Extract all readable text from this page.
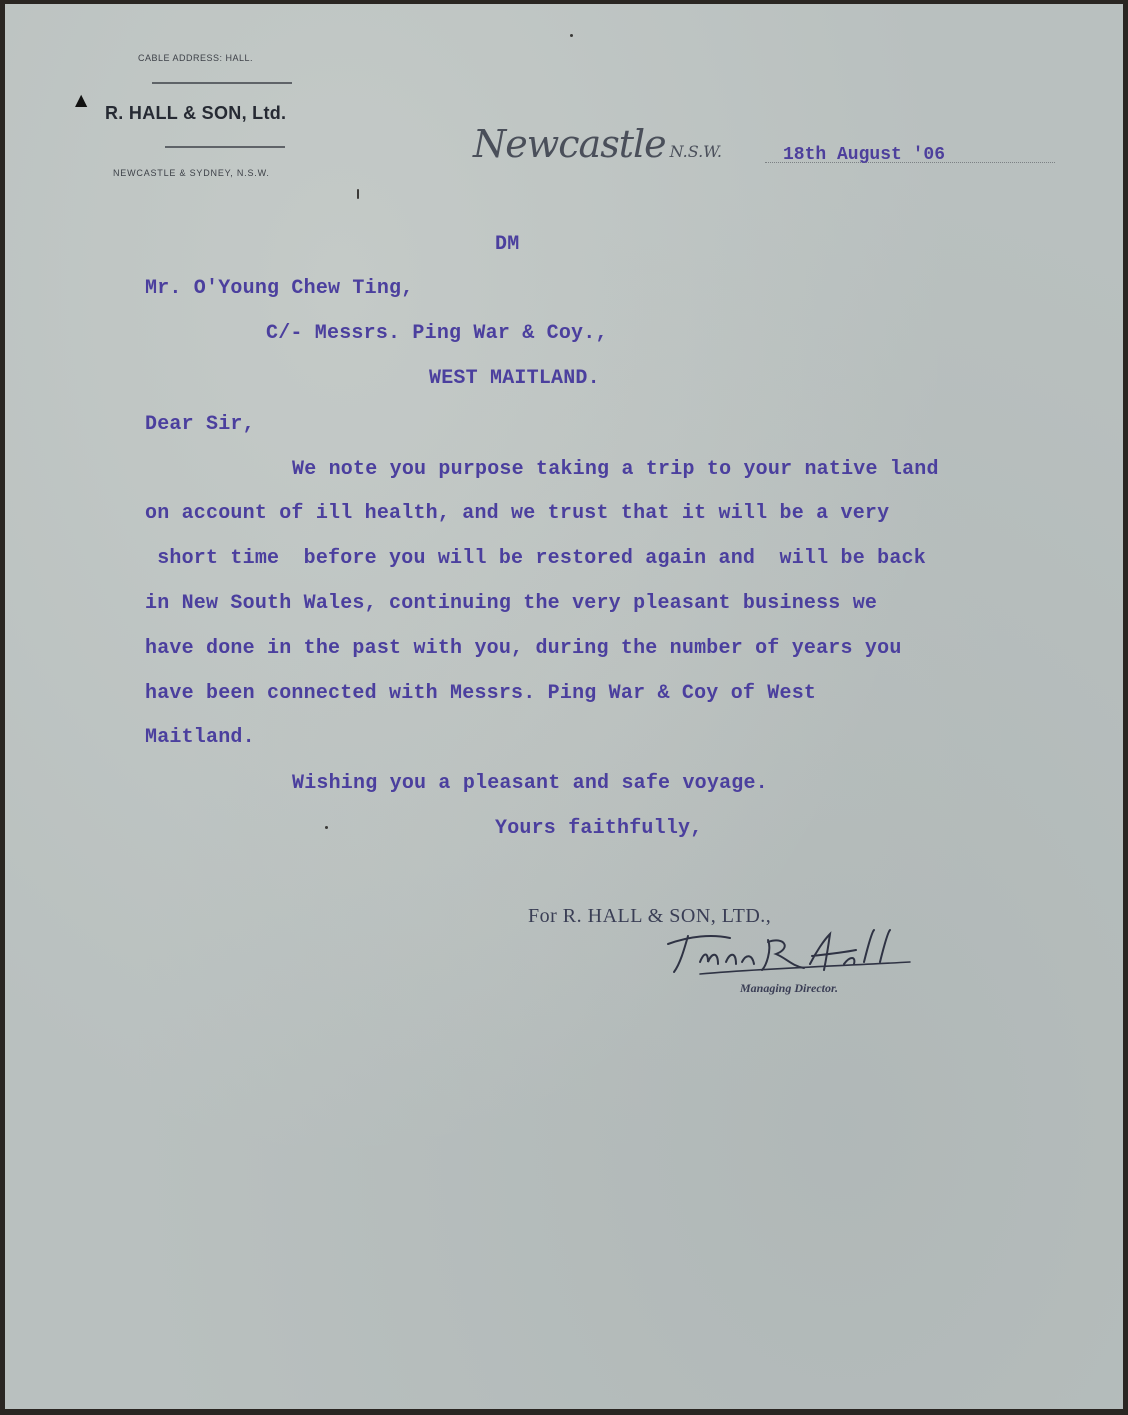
CABLE ADDRESS: HALL.
▲
R. HALL & SON, Ltd.
NEWCASTLE & SYDNEY, N.S.W.
Newcastle N.S.W.	18th August '06
DM
Mr. O'Young Chew Ting,
C/- Messrs. Ping War & Coy.,
WEST MAITLAND.
Dear Sir,
We note you purpose taking a trip to your native land
on account of ill health, and we trust that it will be a very
short time  before you will be restored again and  will be back
in New South Wales, continuing the very pleasant business we
have done in the past with you, during the number of years you
have been connected with Messrs. Ping War & Coy of West
Maitland.
Wishing you a pleasant and safe voyage.
Yours faithfully,
For R. HALL & SON, LTD.,
Managing Director.
